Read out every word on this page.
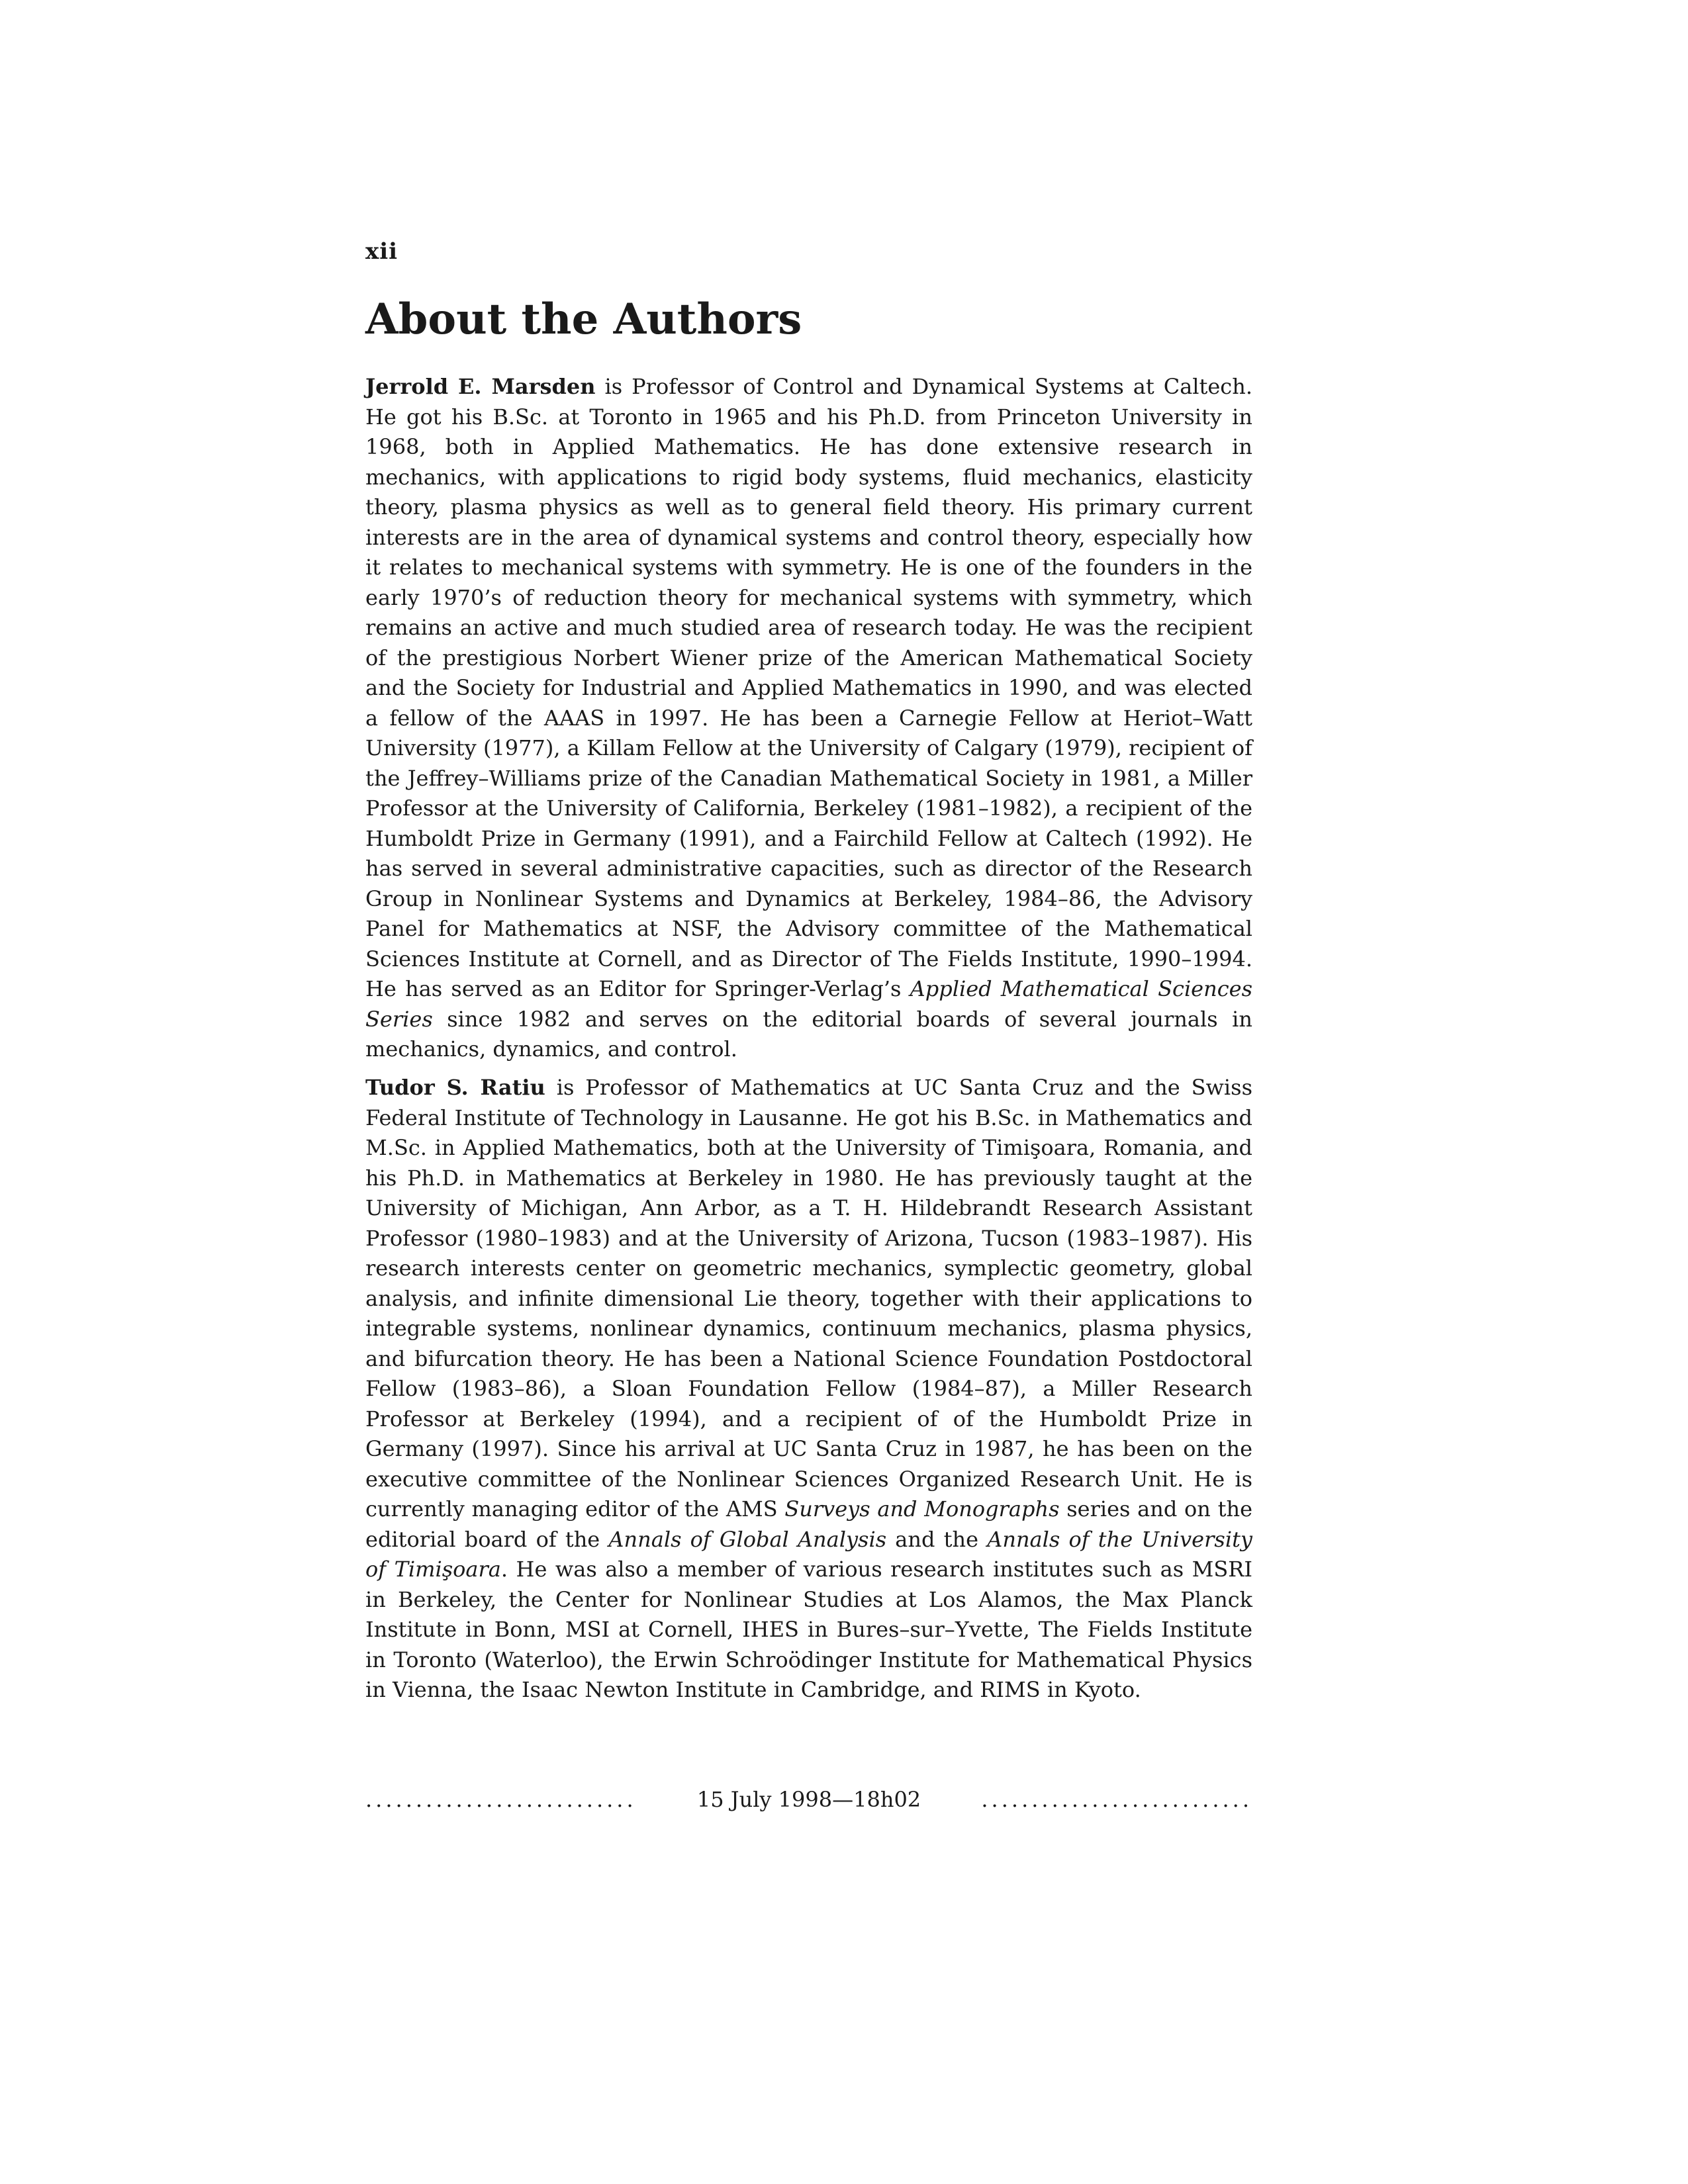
xii
About the Authors

Jerrold E. Marsden is Professor of Control and Dynamical Systems at Caltech. He got his B.Sc. at Toronto in 1965 and his Ph.D. from Princeton University in 1968, both in Applied Mathematics. He has done extensive research in mechanics, with applications to rigid body systems, fluid mechanics, elasticity theory, plasma physics as well as to general field theory. His primary current interests are in the area of dynamical systems and control theory, especially how it relates to mechanical systems with symmetry. He is one of the founders in the early 1970’s of reduction theory for mechanical systems with symmetry, which remains an active and much studied area of research today. He was the recipient of the prestigious Norbert Wiener prize of the American Mathematical Society and the Society for Industrial and Applied Mathematics in 1990, and was elected a fellow of the AAAS in 1997. He has been a Carnegie Fellow at Heriot–Watt University (1977), a Killam Fellow at the University of Calgary (1979), recipient of the Jeffrey–Williams prize of the Canadian Mathematical Society in 1981, a Miller Professor at the University of California, Berkeley (1981–1982), a recipient of the Humboldt Prize in Germany (1991), and a Fairchild Fellow at Caltech (1992). He has served in several administrative capacities, such as director of the Research Group in Nonlinear Systems and Dynamics at Berkeley, 1984–86, the Advisory Panel for Mathematics at NSF, the Advisory committee of the Mathematical Sciences Institute at Cornell, and as Director of The Fields Institute, 1990–1994. He has served as an Editor for Springer-Verlag’s Applied Mathematical Sciences Series since 1982 and serves on the editorial boards of several journals in mechanics, dynamics, and control.

Tudor S. Ratiu is Professor of Mathematics at UC Santa Cruz and the Swiss Federal Institute of Technology in Lausanne. He got his B.Sc. in Mathematics and M.Sc. in Applied Mathematics, both at the University of Timişoara, Romania, and his Ph.D. in Mathematics at Berkeley in 1980. He has previously taught at the University of Michigan, Ann Arbor, as a T. H. Hildebrandt Research Assistant Professor (1980–1983) and at the University of Arizona, Tucson (1983–1987). His research interests center on geometric mechanics, symplectic geometry, global analysis, and infinite dimensional Lie theory, together with their applications to integrable systems, nonlinear dynamics, continuum mechanics, plasma physics, and bifurcation theory. He has been a National Science Foundation Postdoctoral Fellow (1983–86), a Sloan Foundation Fellow (1984–87), a Miller Research Professor at Berkeley (1994), and a recipient of of the Humboldt Prize in Germany (1997). Since his arrival at UC Santa Cruz in 1987, he has been on the executive committee of the Nonlinear Sciences Organized Research Unit. He is currently managing editor of the AMS Surveys and Monographs series and on the editorial board of the Annals of Global Analysis and the Annals of the University of Timişoara. He was also a member of various research institutes such as MSRI in Berkeley, the Center for Nonlinear Studies at Los Alamos, the Max Planck Institute in Bonn, MSI at Cornell, IHES in Bures–sur–Yvette, The Fields Institute in Toronto (Waterloo), the Erwin Schroödinger Institute for Mathematical Physics in Vienna, the Isaac Newton Institute in Cambridge, and RIMS in Kyoto.

...........................	15 July 1998—18h02	...........................
